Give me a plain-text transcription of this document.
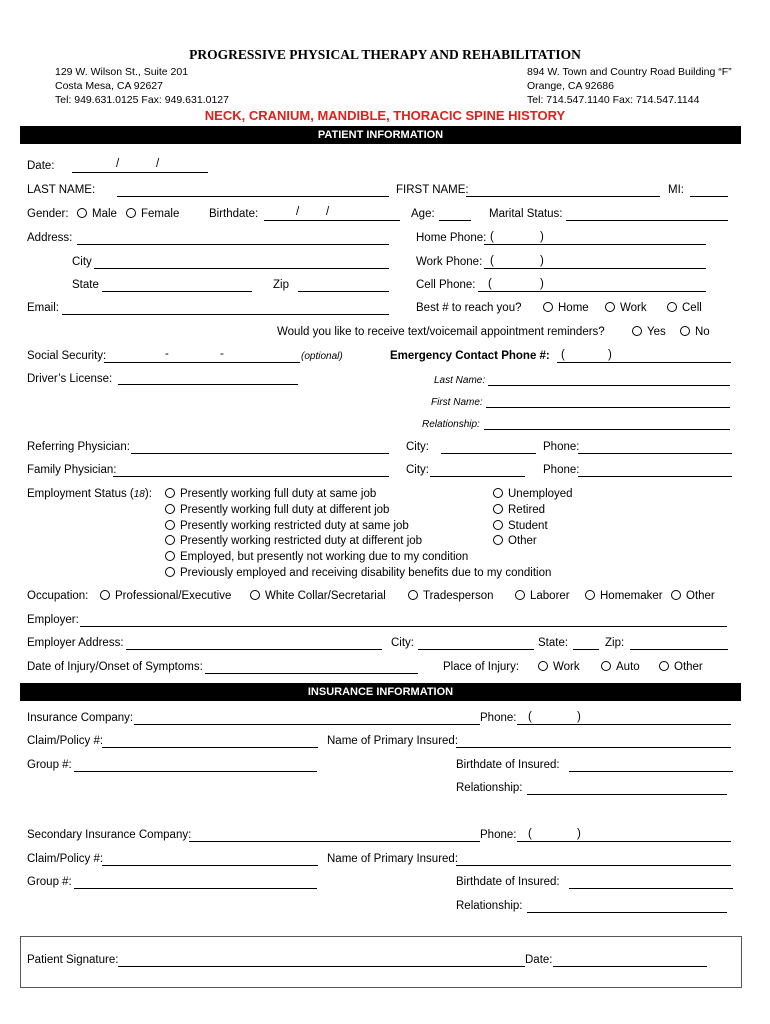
PROGRESSIVE PHYSICAL THERAPY AND REHABILITATION
129 W. Wilson St., Suite 201
Costa Mesa, CA 92627
Tel: 949.631.0125 Fax: 949.631.0127
894 W. Town and Country Road Building “F”
Orange, CA 92686
Tel: 714.547.1140 Fax: 714.547.1144
NECK, CRANIUM, MANDIBLE, THORACIC SPINE HISTORY
PATIENT INFORMATION
Date:	/	/
LAST NAME:	FIRST NAME:	MI:
Gender:	Male	Female	Birthdate:	/ /	Age:	Marital Status:
Address:	Home Phone: (	)
City	Work Phone: (	)
State	Zip	Cell Phone: (	)
Email:	Best # to reach you?	Home	Work	Cell
Would you like to receive text/voicemail appointment reminders?	Yes	No
Social Security:	-	-	(optional)	Emergency Contact Phone #: (	)
Driver’s License:	Last Name:
First Name:
Relationship:
Referring Physician:	City:	Phone:
Family Physician:	City:	Phone:
Employment Status (18):	Presently working full duty at same job
Presently working full duty at different job
Presently working restricted duty at same job
Presently working restricted duty at different job
Employed, but presently not working due to my condition
Previously employed and receiving disability benefits due to my condition
Unemployed
Retired
Student
Other
Occupation:	Professional/Executive	White Collar/Secretarial	Tradesperson	Laborer	Homemaker	Other
Employer:
Employer Address:	City:	State:	Zip:
Date of Injury/Onset of Symptoms:	Place of Injury:	Work	Auto	Other
INSURANCE INFORMATION
Insurance Company:	Phone: (	)
Claim/Policy #:	Name of Primary Insured:
Group #:	Birthdate of Insured:
Relationship:
Secondary Insurance Company:	Phone: (	)
Claim/Policy #:	Name of Primary Insured:
Group #:	Birthdate of Insured:
Relationship:
Patient Signature:	Date:
